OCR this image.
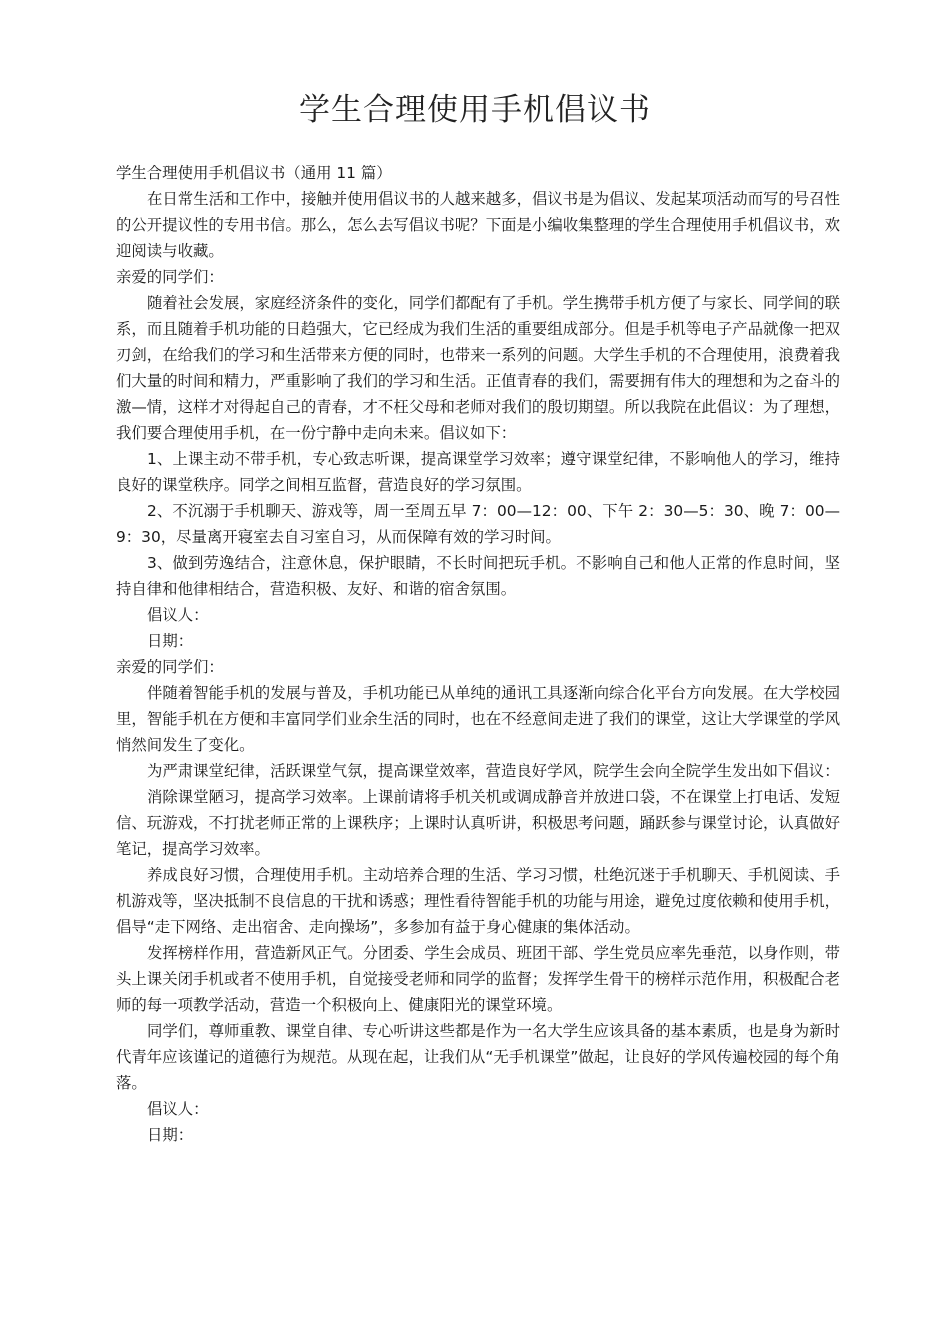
学生合理使用手机倡议书

学生合理使用手机倡议书（通用 11 篇）

在日常生活和工作中，接触并使用倡议书的人越来越多，倡议书是为倡议、发起某项活动而写的号召性的公开提议性的专用书信。那么，怎么去写倡议书呢？下面是小编收集整理的学生合理使用手机倡议书，欢迎阅读与收藏。

亲爱的同学们：

随着社会发展，家庭经济条件的变化，同学们都配有了手机。学生携带手机方便了与家长、同学间的联系，而且随着手机功能的日趋强大，它已经成为我们生活的重要组成部分。但是手机等电子产品就像一把双刃剑，在给我们的学习和生活带来方便的同时，也带来一系列的问题。大学生手机的不合理使用，浪费着我们大量的时间和精力，严重影响了我们的学习和生活。正值青春的我们，需要拥有伟大的理想和为之奋斗的激—情，这样才对得起自己的青春，才不枉父母和老师对我们的殷切期望。所以我院在此倡议：为了理想，我们要合理使用手机，在一份宁静中走向未来。倡议如下：

1、上课主动不带手机，专心致志听课，提高课堂学习效率；遵守课堂纪律，不影响他人的学习，维持良好的课堂秩序。同学之间相互监督，营造良好的学习氛围。

2、不沉溺于手机聊天、游戏等，周一至周五早 7：00—12：00、下午 2：30—5：30、晚 7：00—9：30，尽量离开寝室去自习室自习，从而保障有效的学习时间。

3、做到劳逸结合，注意休息，保护眼睛，不长时间把玩手机。不影响自己和他人正常的作息时间，坚持自律和他律相结合，营造积极、友好、和谐的宿舍氛围。

倡议人：

日期：

亲爱的同学们：

伴随着智能手机的发展与普及，手机功能已从单纯的通讯工具逐渐向综合化平台方向发展。在大学校园里，智能手机在方便和丰富同学们业余生活的同时，也在不经意间走进了我们的课堂，这让大学课堂的学风悄然间发生了变化。

为严肃课堂纪律，活跃课堂气氛，提高课堂效率，营造良好学风，院学生会向全院学生发出如下倡议：

消除课堂陋习，提高学习效率。上课前请将手机关机或调成静音并放进口袋，不在课堂上打电话、发短信、玩游戏，不打扰老师正常的上课秩序；上课时认真听讲，积极思考问题，踊跃参与课堂讨论，认真做好笔记，提高学习效率。

养成良好习惯，合理使用手机。主动培养合理的生活、学习习惯，杜绝沉迷于手机聊天、手机阅读、手机游戏等，坚决抵制不良信息的干扰和诱惑；理性看待智能手机的功能与用途，避免过度依赖和使用手机，倡导“走下网络、走出宿舍、走向操场”，多参加有益于身心健康的集体活动。

发挥榜样作用，营造新风正气。分团委、学生会成员、班团干部、学生党员应率先垂范，以身作则，带头上课关闭手机或者不使用手机，自觉接受老师和同学的监督；发挥学生骨干的榜样示范作用，积极配合老师的每一项教学活动，营造一个积极向上、健康阳光的课堂环境。

同学们，尊师重教、课堂自律、专心听讲这些都是作为一名大学生应该具备的基本素质，也是身为新时代青年应该谨记的道德行为规范。从现在起，让我们从“无手机课堂”做起，让良好的学风传遍校园的每个角落。

倡议人：

日期：
